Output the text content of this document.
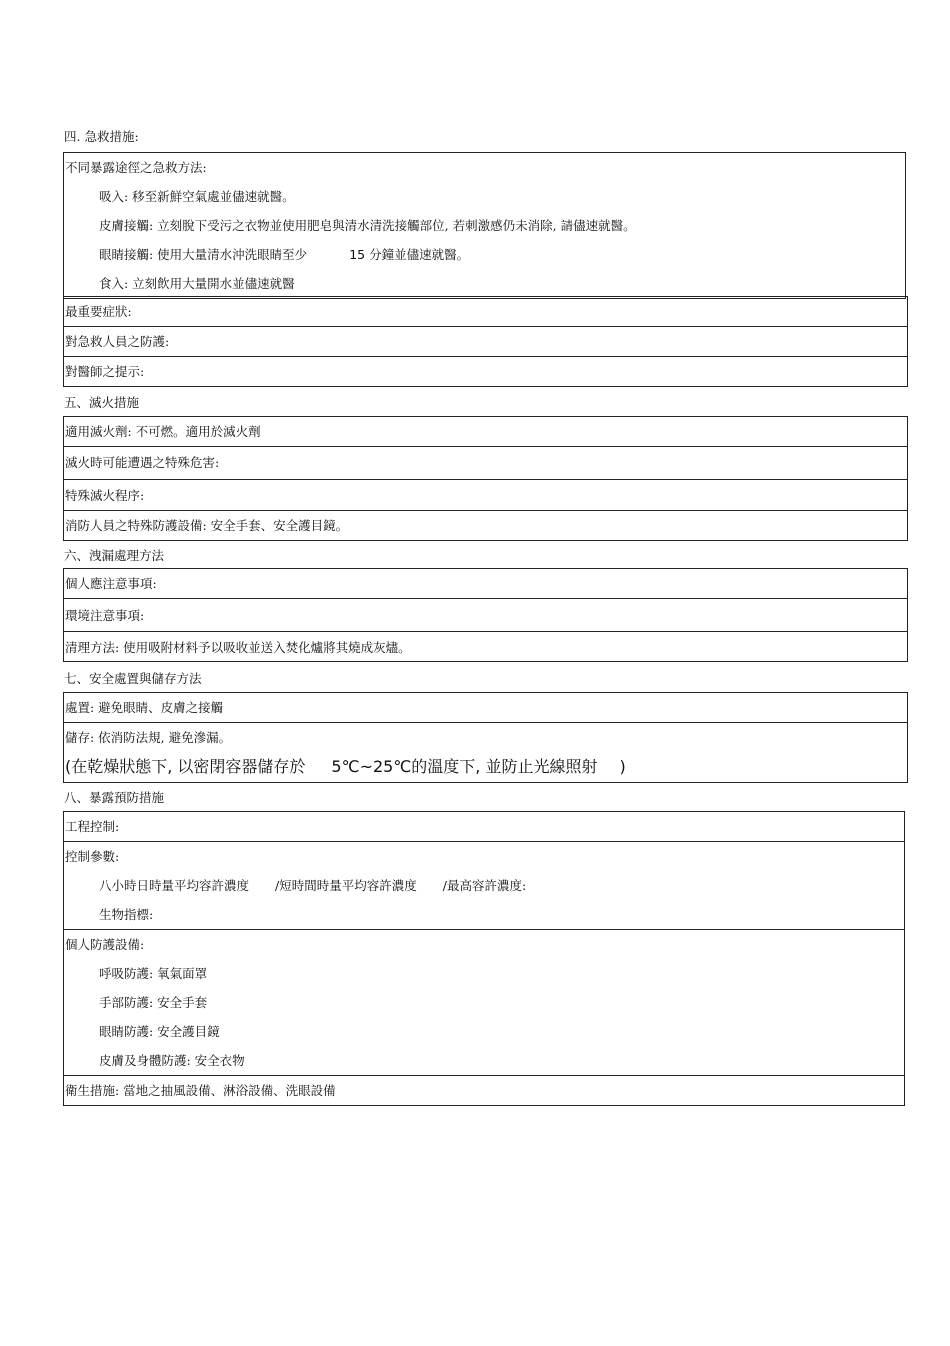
四. 急救措施:
不同暴露途徑之急救方法:
吸入: 移至新鮮空氣處並儘速就醫。
皮膚接觸: 立刻脫下受污之衣物並使用肥皂與清水清洗接觸部位, 若刺激感仍未消除, 請儘速就醫。
眼睛接觸: 使用大量清水沖洗眼睛至少	15 分鐘並儘速就醫。
食入: 立刻飲用大量開水並儘速就醫
最重要症狀:
對急救人員之防護:
對醫師之提示:
五、滅火措施
適用滅火劑: 不可燃。適用於滅火劑
滅火時可能遭遇之特殊危害:
特殊滅火程序:
消防人員之特殊防護設備: 安全手套、安全護目鏡。
六、洩漏處理方法
個人應注意事項:
環境注意事項:
清理方法: 使用吸附材料予以吸收並送入焚化爐將其燒成灰燼。
七、安全處置與儲存方法
處置: 避免眼睛、皮膚之接觸
儲存: 依消防法規, 避免滲漏。
(在乾燥狀態下, 以密閉容器儲存於 5℃~25℃的溫度下, 並防止光線照射 )
八、暴露預防措施
工程控制:
控制參數:
八小時日時量平均容許濃度 /短時間時量平均容許濃度 /最高容許濃度:
生物指標:
個人防護設備:
呼吸防護: 氧氣面罩
手部防護: 安全手套
眼睛防護: 安全護目鏡
皮膚及身體防護: 安全衣物
衛生措施: 當地之抽風設備、淋浴設備、洗眼設備
